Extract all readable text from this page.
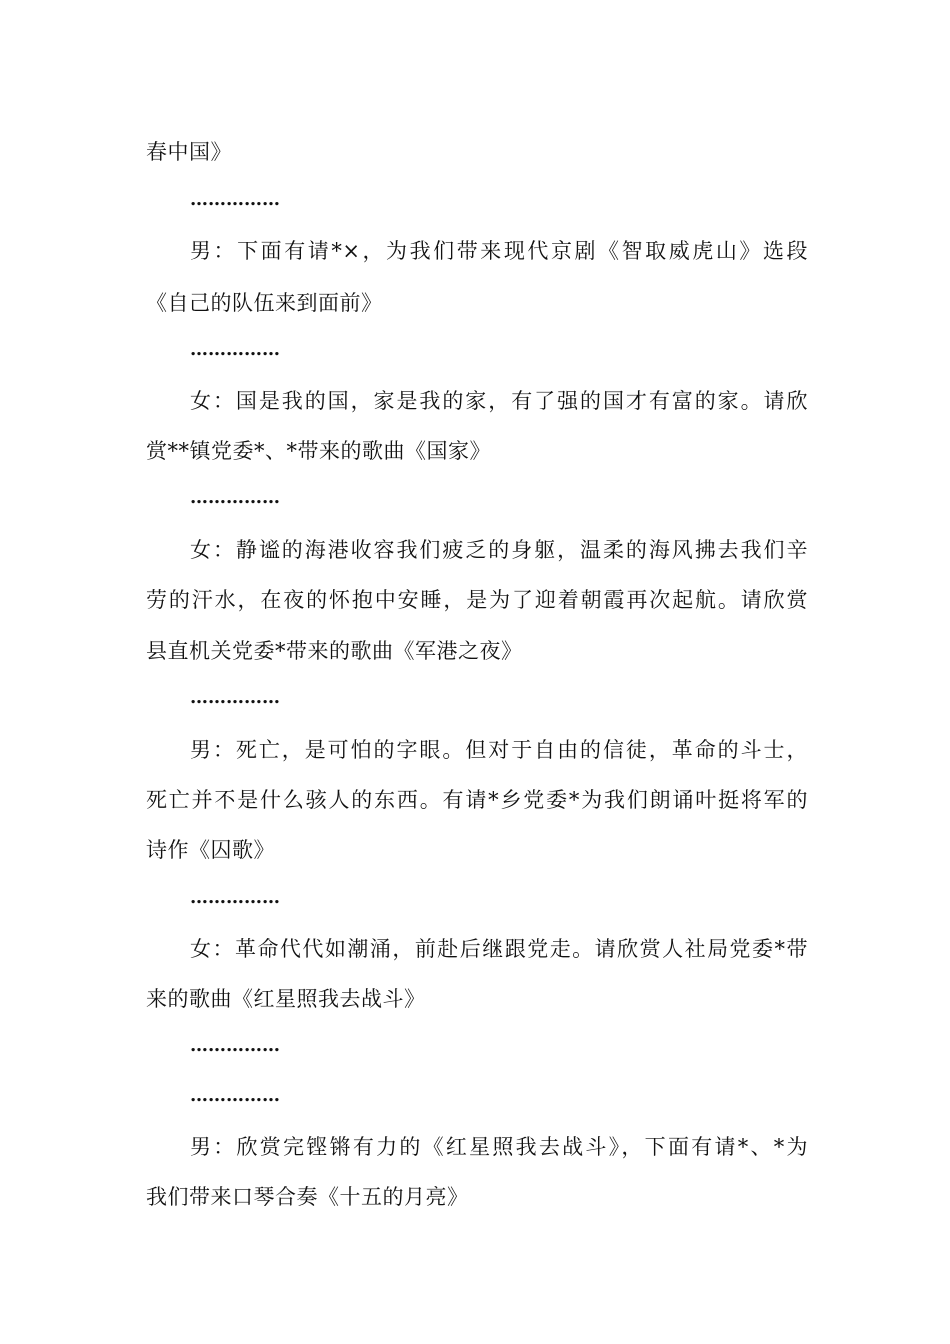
春中国》
……………
男：下面有请*×，为我们带来现代京剧《智取威虎山》选段
《自己的队伍来到面前》
……………
女：国是我的国，家是我的家，有了强的国才有富的家。请欣
赏**镇党委*、*带来的歌曲《国家》
……………
女：静谧的海港收容我们疲乏的身躯，温柔的海风拂去我们辛
劳的汗水，在夜的怀抱中安睡，是为了迎着朝霞再次起航。请欣赏
县直机关党委*带来的歌曲《军港之夜》
……………
男：死亡，是可怕的字眼。但对于自由的信徒，革命的斗士，
死亡并不是什么骇人的东西。有请*乡党委*为我们朗诵叶挺将军的
诗作《囚歌》
……………
女：革命代代如潮涌，前赴后继跟党走。请欣赏人社局党委*带
来的歌曲《红星照我去战斗》
……………
……………
男：欣赏完铿锵有力的《红星照我去战斗》，下面有请*、*为
我们带来口琴合奏《十五的月亮》
